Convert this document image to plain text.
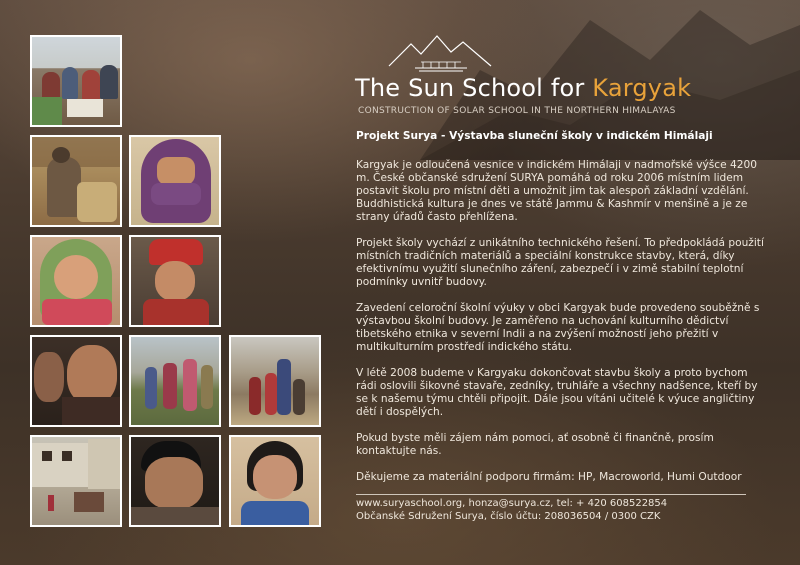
The Sun School for Kargyak
CONSTRUCTION OF SOLAR SCHOOL IN THE NORTHERN HIMALAYAS
Projekt Surya - Výstavba sluneční školy v indickém Himálaji

Kargyak je odloučená vesnice v indickém Himálaji v nadmořské výšce 4200 m. České občanské sdružení SURYA pomáhá od roku 2006 místním lidem postavit školu pro místní děti a umožnit jim tak alespoň základní vzdělání. Buddhistická kultura je dnes ve státě Jammu & Kashmír v menšině a je ze strany úřadů často přehlížena.

Projekt školy vychází z unikátního technického řešení. To předpokládá použití místních tradičních materiálů a speciální konstrukce stavby, která, díky efektivnímu využití slunečního záření, zabezpečí i v zimě stabilní teplotní podmínky uvnitř budovy.

Zavedení celoroční školní výuky v obci Kargyak bude provedeno souběžně s výstavbou školní budovy. Je zaměřeno na uchování kulturního dědictví tibetského etnika v severní Indii a na zvýšení možností jeho přežití v multikulturním prostředí indického státu.

V létě 2008 budeme v Kargyaku dokončovat stavbu školy a proto bychom rádi oslovili šikovné stavaře, zedníky, truhláře a všechny nadšence, kteří by se k našemu týmu chtěli připojit. Dále jsou vítáni učitelé k výuce angličtiny dětí i dospělých.

Pokud byste měli zájem nám pomoci, ať osobně či finančně, prosím kontaktujte nás.

Děkujeme za materiální podporu firmám: HP, Macroworld, Humi Outdoor

www.suryaschool.org, honza@surya.cz, tel: + 420 608522854
Občanské Sdružení Surya, číslo účtu: 208036504 / 0300 CZK
